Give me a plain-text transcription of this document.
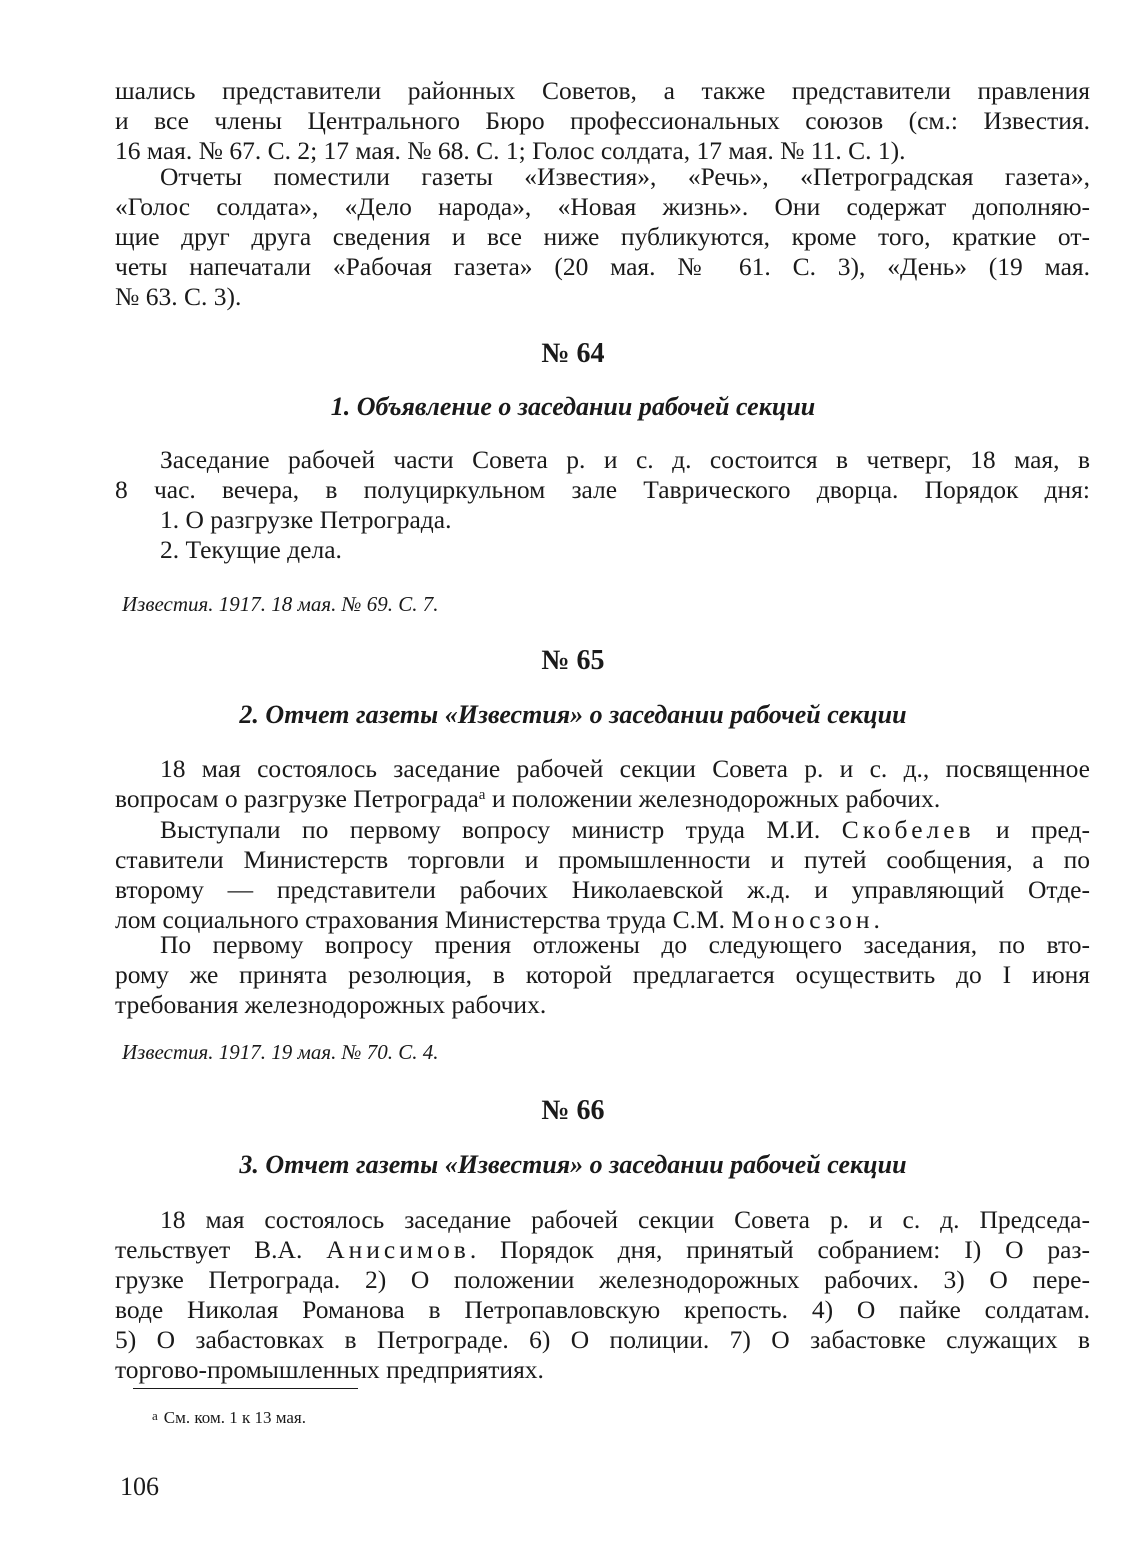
шались представители районных Советов, а также представители правления
и все члены Центрального Бюро профессиональных союзов (см.: Известия.
16 мая. № 67. С. 2; 17 мая. № 68. С. 1; Голос солдата, 17 мая. № 11. С. 1).

Отчеты поместили газеты «Известия», «Речь», «Петроградская газета»,
«Голос солдата», «Дело народа», «Новая жизнь». Они содержат дополняю-
щие друг друга сведения и все ниже публикуются, кроме того, краткие от-
четы напечатали «Рабочая газета» (20 мая. № 61. С. 3), «День» (19 мая.
№ 63. С. 3).

№ 64
1. Объявление о заседании рабочей секции

Заседание рабочей части Совета р. и с. д. состоится в четверг, 18 мая, в
8 час. вечера, в полуциркульном зале Таврического дворца. Порядок дня:
1. О разгрузке Петрограда.
2. Текущие дела.

Известия. 1917. 18 мая. № 69. С. 7.

№ 65
2. Отчет газеты «Известия» о заседании рабочей секции

18 мая состоялось заседание рабочей секции Совета р. и с. д., посвященное
вопросам о разгрузке Петрограда$^а$ и положении железнодорожных рабочих.

Выступали по первому вопросу министр труда М.И. Скобелев и пред-
ставители Министерств торговли и промышленности и путей сообщения, а по
второму — представители рабочих Николаевской ж.д. и управляющий Отде-
лом социального страхования Министерства труда С.М. Моносзон.

По первому вопросу прения отложены до следующего заседания, по вто-
рому же принята резолюция, в которой предлагается осуществить до I июня
требования железнодорожных рабочих.

Известия. 1917. 19 мая. № 70. С. 4.

№ 66
3. Отчет газеты «Известия» о заседании рабочей секции

18 мая состоялось заседание рабочей секции Совета р. и с. д. Председа-
тельствует В.А. Анисимов. Порядок дня, принятый собранием: I) О раз-
грузке Петрограда. 2) О положении железнодорожных рабочих. 3) О пере-
воде Николая Романова в Петропавловскую крепость. 4) О пайке солдатам.
5) О забастовках в Петрограде. 6) О полиции. 7) О забастовке служащих в
торгово-промышленных предприятиях.

$^а$ См. ком. 1 к 13 мая.

106
